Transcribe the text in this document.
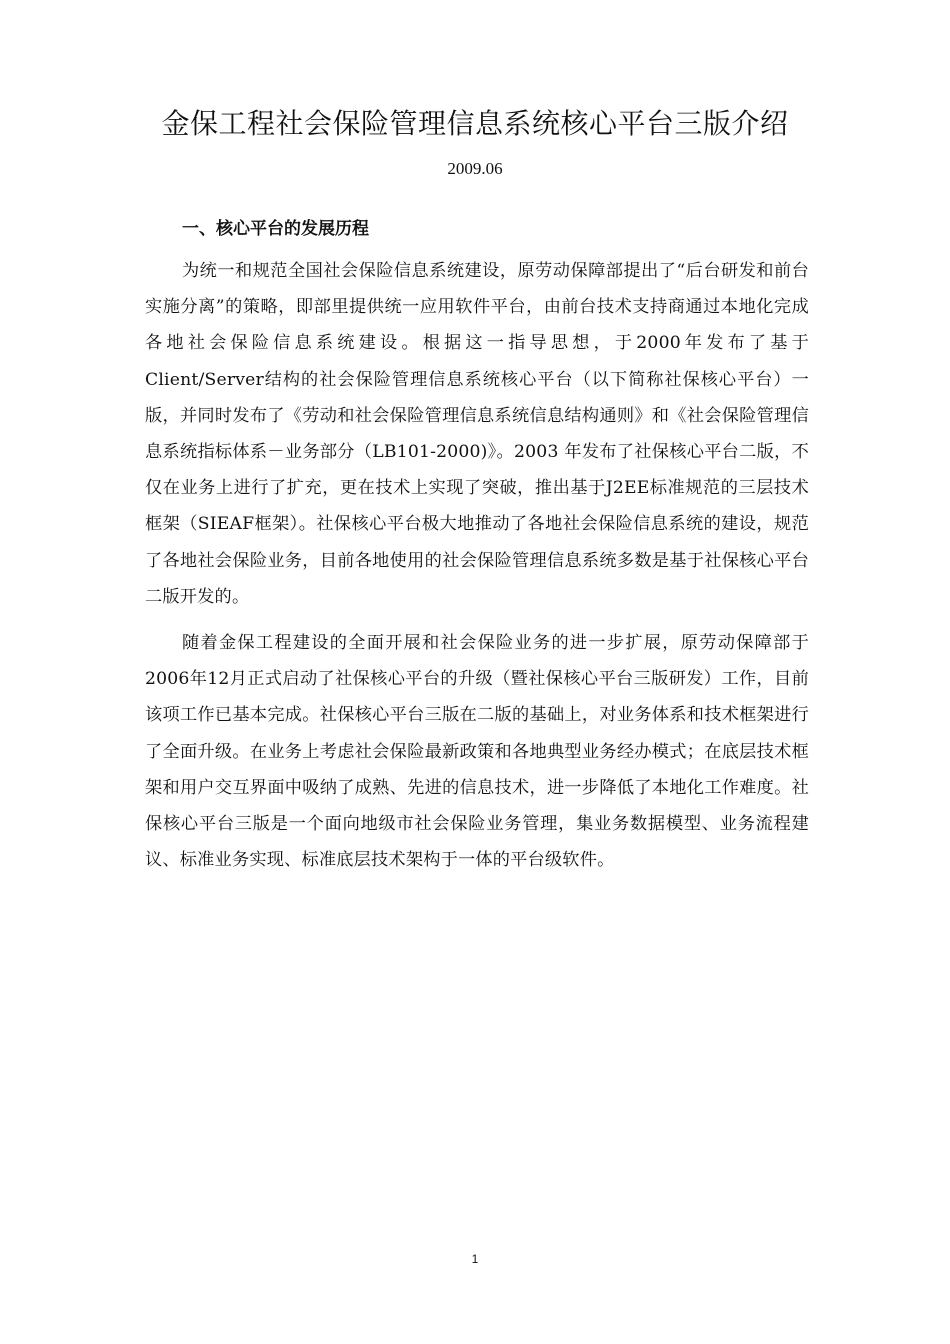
金保工程社会保险管理信息系统核心平台三版介绍
2009.06
一、核心平台的发展历程

为统一和规范全国社会保险信息系统建设，原劳动保障部提出了“后台研发和前台实施分离”的策略，即部里提供统一应用软件平台，由前台技术支持商通过本地化完成各地社会保险信息系统建设。根据这一指导思想，于2000年发布了基于Client/Server结构的社会保险管理信息系统核心平台（以下简称社保核心平台）一版，并同时发布了《劳动和社会保险管理信息系统信息结构通则》和《社会保险管理信息系统指标体系－业务部分（LB101-2000)》。2003 年发布了社保核心平台二版，不仅在业务上进行了扩充，更在技术上实现了突破，推出基于J2EE标准规范的三层技术框架（SIEAF框架）。社保核心平台极大地推动了各地社会保险信息系统的建设，规范了各地社会保险业务，目前各地使用的社会保险管理信息系统多数是基于社保核心平台二版开发的。

随着金保工程建设的全面开展和社会保险业务的进一步扩展，原劳动保障部于2006年12月正式启动了社保核心平台的升级（暨社保核心平台三版研发）工作，目前该项工作已基本完成。社保核心平台三版在二版的基础上，对业务体系和技术框架进行了全面升级。在业务上考虑社会保险最新政策和各地典型业务经办模式；在底层技术框架和用户交互界面中吸纳了成熟、先进的信息技术，进一步降低了本地化工作难度。社保核心平台三版是一个面向地级市社会保险业务管理，集业务数据模型、业务流程建议、标准业务实现、标准底层技术架构于一体的平台级软件。

1
